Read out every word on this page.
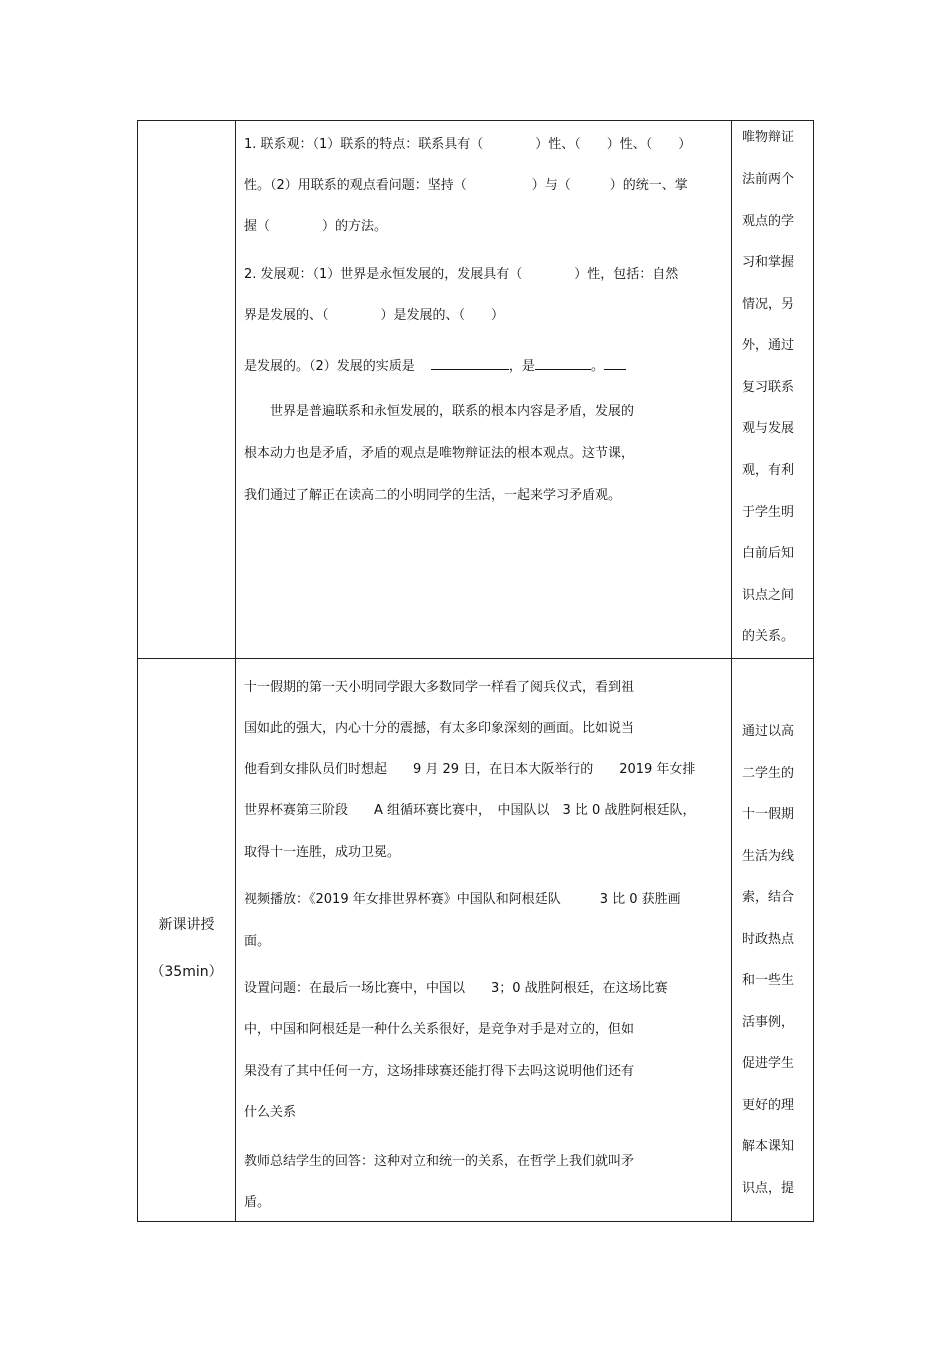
1. 联系观：（1）联系的特点：联系具有（　　　　）性、（　　）性、（　　）
性。（2）用联系的观点看问题：坚持（　　　　　）与（　　　）的统一、掌
握（　　　　）的方法。
2. 发展观：（1）世界是永恒发展的，发展具有（　　　　）性，包括：自然
界是发展的、（　　　　）是发展的、（　　）
是发展的。（2）发展的实质是	，是	。
　　世界是普遍联系和永恒发展的，联系的根本内容是矛盾，发展的
根本动力也是矛盾，矛盾的观点是唯物辩证法的根本观点。这节课，
我们通过了解正在读高二的小明同学的生活，一起来学习矛盾观。
唯物辩证
法前两个
观点的学
习和掌握
情况，另
外，通过
复习联系
观与发展
观，有利
于学生明
白前后知
识点之间
的关系。
新课讲授
（35min）
十一假期的第一天小明同学跟大多数同学一样看了阅兵仪式，看到祖
国如此的强大，内心十分的震撼，有太多印象深刻的画面。比如说当
他看到女排队员们时想起　　9 月 29 日，在日本大阪举行的　　2019 年女排
世界杯赛第三阶段　　A 组循环赛比赛中，　中国队以　3 比 0 战胜阿根廷队，
取得十一连胜，成功卫冕。
视频播放：《2019 年女排世界杯赛》中国队和阿根廷队　　　3 比 0 获胜画
面。
设置问题：在最后一场比赛中，中国以　　3；0 战胜阿根廷，在这场比赛
中，中国和阿根廷是一种什么关系很好，是竞争对手是对立的，但如
果没有了其中任何一方，这场排球赛还能打得下去吗这说明他们还有
什么关系
教师总结学生的回答：这种对立和统一的关系，在哲学上我们就叫矛
盾。
通过以高
二学生的
十一假期
生活为线
索，结合
时政热点
和一些生
活事例，
促进学生
更好的理
解本课知
识点，提
